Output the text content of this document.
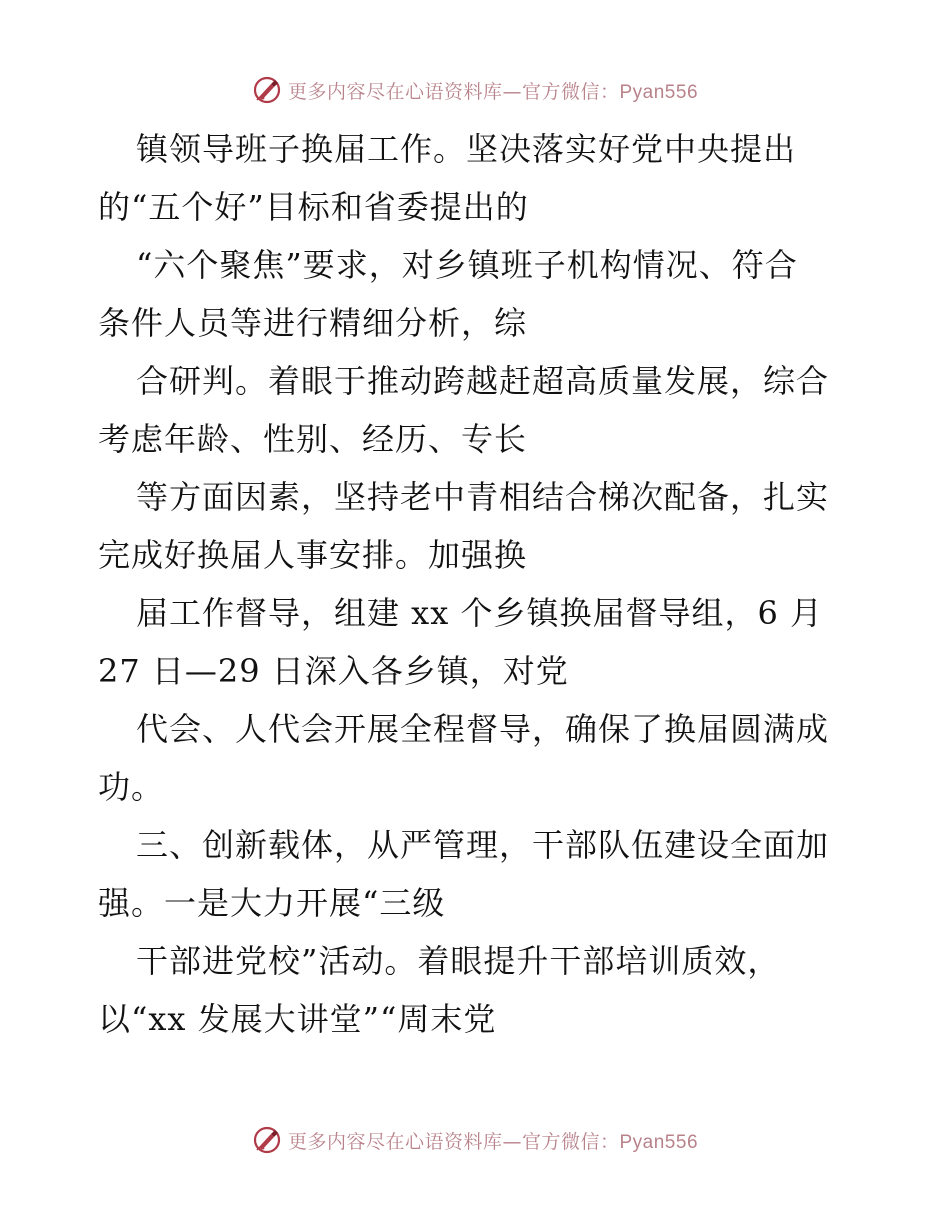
更多内容尽在心语资料库—官方微信：Pyan556
镇领导班子换届工作。坚决落实好党中央提出
的“五个好”目标和省委提出的
“六个聚焦”要求，对乡镇班子机构情况、符合
条件人员等进行精细分析，综
合研判。着眼于推动跨越赶超高质量发展，综合
考虑年龄、性别、经历、专长
等方面因素，坚持老中青相结合梯次配备，扎实
完成好换届人事安排。加强换
届工作督导，组建 xx 个乡镇换届督导组，6 月
27 日—29 日深入各乡镇，对党
代会、人代会开展全程督导，确保了换届圆满成
功。
三、创新载体，从严管理，干部队伍建设全面加
强。一是大力开展“三级
干部进党校”活动。着眼提升干部培训质效，
以“xx 发展大讲堂”“周末党
更多内容尽在心语资料库—官方微信：Pyan556
